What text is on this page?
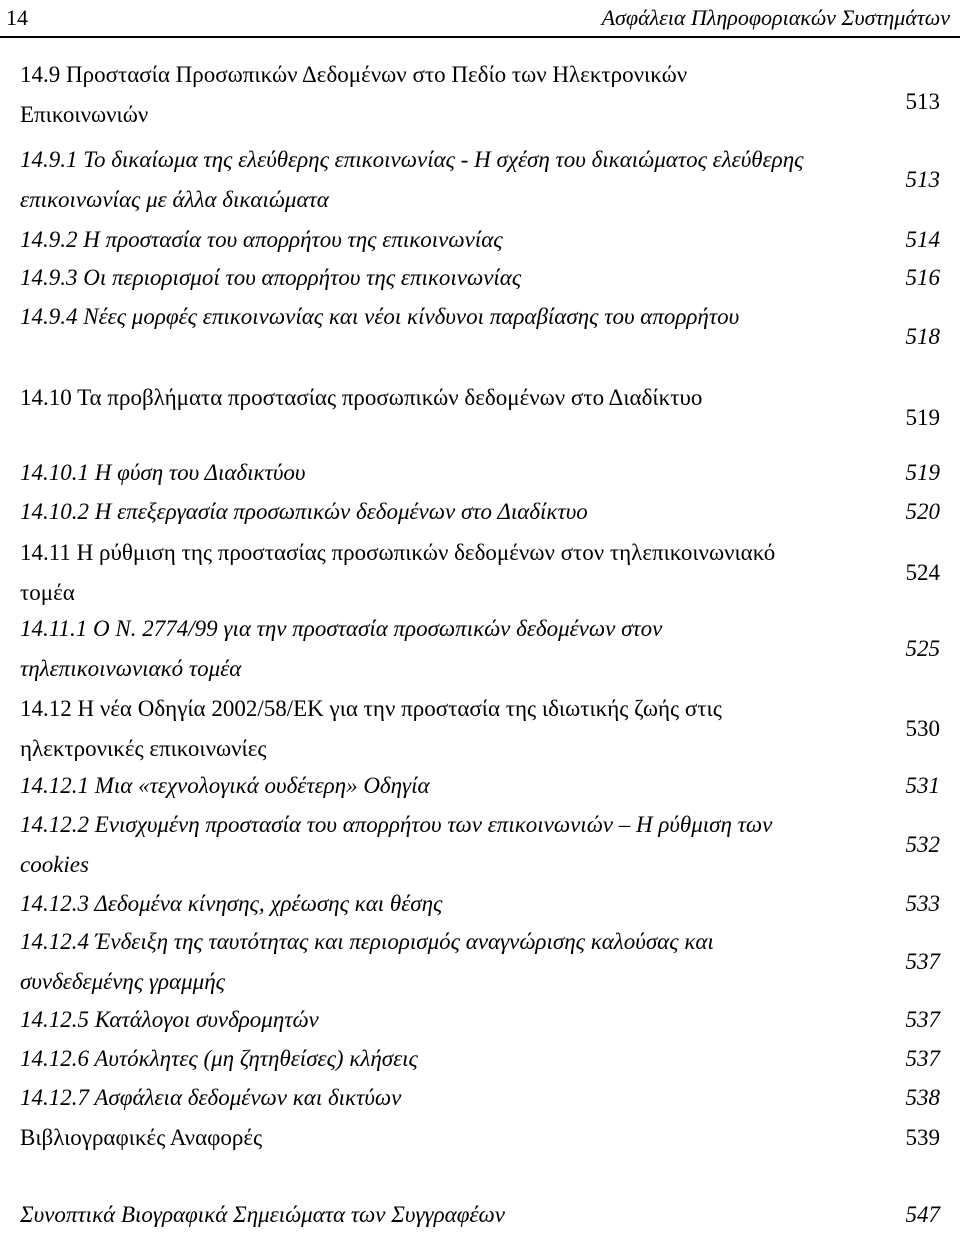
14	Ασφάλεια Πληροφοριακών Συστημάτων
14.9 Προστασία Προσωπικών Δεδομένων στο Πεδίο των Ηλεκτρονικών Επικοινωνιών
513
14.9.1 Το δικαίωμα της ελεύθερης επικοινωνίας - Η σχέση του δικαιώματος ελεύθερης επικοινωνίας με άλλα δικαιώματα
513
14.9.2 Η προστασία του απορρήτου της επικοινωνίας	514
14.9.3 Οι περιορισμοί του απορρήτου της επικοινωνίας	516
14.9.4 Νέες μορφές επικοινωνίας και νέοι κίνδυνοι παραβίασης του απορρήτου
518
14.10 Τα προβλήματα προστασίας προσωπικών δεδομένων στο Διαδίκτυο
519
14.10.1 Η φύση του Διαδικτύου	519
14.10.2 Η επεξεργασία προσωπικών δεδομένων στο Διαδίκτυο	520
14.11 Η ρύθμιση της προστασίας προσωπικών δεδομένων στον τηλεπικοινωνιακό τομέα
524
14.11.1 Ο Ν. 2774/99 για την προστασία προσωπικών δεδομένων στον τηλεπικοινωνιακό τομέα
525
14.12 Η νέα Οδηγία 2002/58/ΕΚ για την προστασία της ιδιωτικής ζωής στις ηλεκτρονικές επικοινωνίες
530
14.12.1 Μια «τεχνολογικά ουδέτερη» Οδηγία	531
14.12.2 Ενισχυμένη προστασία του απορρήτου των επικοινωνιών – Η ρύθμιση των cookies
532
14.12.3 Δεδομένα κίνησης, χρέωσης και θέσης	533
14.12.4 Ένδειξη της ταυτότητας και περιορισμός αναγνώρισης καλούσας και συνδεδεμένης γραμμής
537
14.12.5 Κατάλογοι συνδρομητών	537
14.12.6 Αυτόκλητες (μη ζητηθείσες) κλήσεις	537
14.12.7 Ασφάλεια δεδομένων και δικτύων	538
Βιβλιογραφικές Αναφορές	539
Συνοπτικά Βιογραφικά Σημειώματα των Συγγραφέων	547
